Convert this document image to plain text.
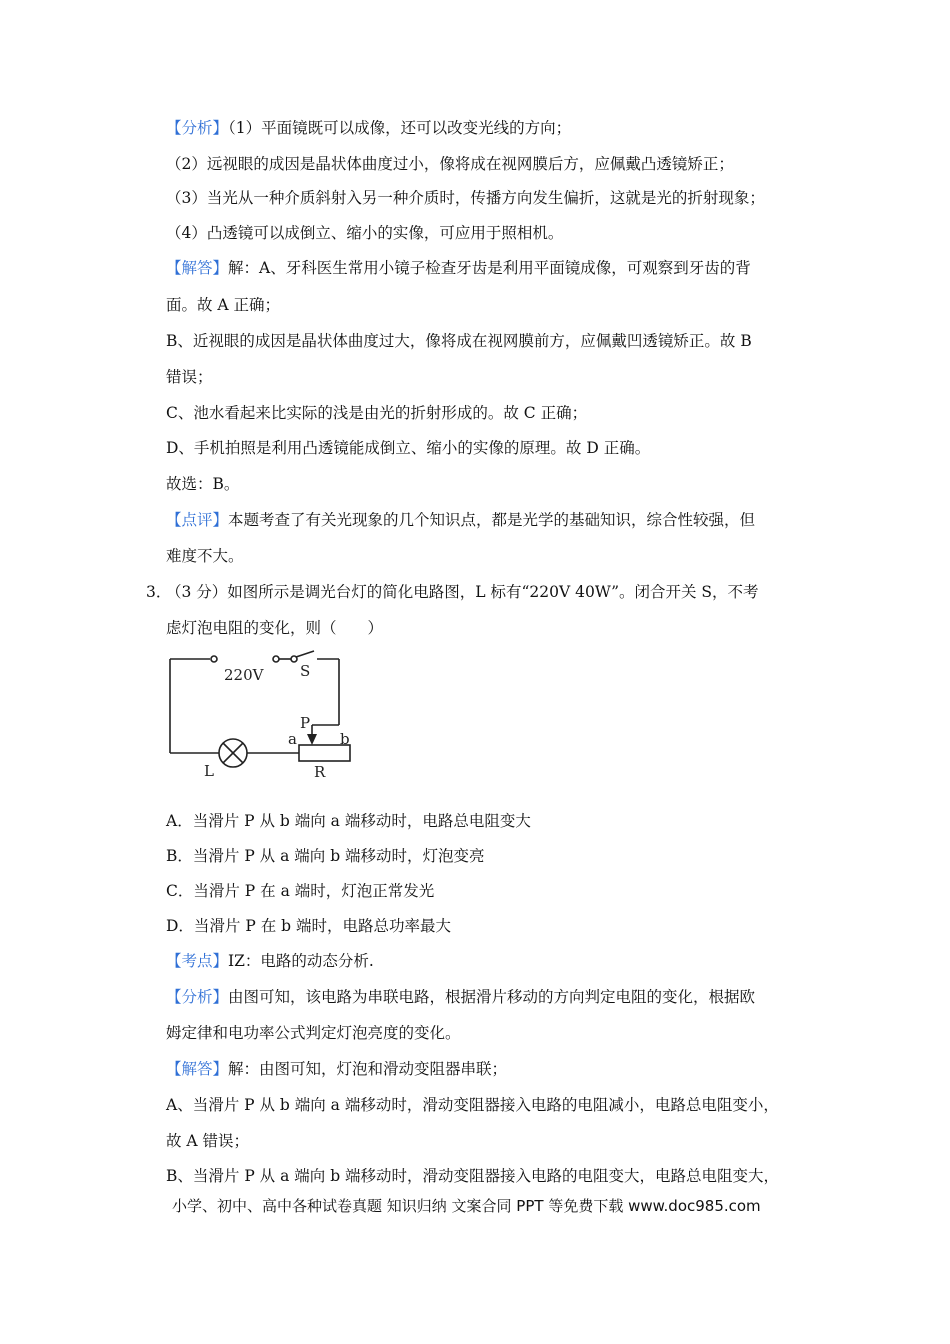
【分析】（1）平面镜既可以成像，还可以改变光线的方向；
（2）远视眼的成因是晶状体曲度过小，像将成在视网膜后方，应佩戴凸透镜矫正；
（3）当光从一种介质斜射入另一种介质时，传播方向发生偏折，这就是光的折射现象；
（4）凸透镜可以成倒立、缩小的实像，可应用于照相机。
【解答】解：A、牙科医生常用小镜子检查牙齿是利用平面镜成像，可观察到牙齿的背
面。故 A 正确；
B、近视眼的成因是晶状体曲度过大，像将成在视网膜前方，应佩戴凹透镜矫正。故 B
错误；
C、池水看起来比实际的浅是由光的折射形成的。故 C 正确；
D、手机拍照是利用凸透镜能成倒立、缩小的实像的原理。故 D 正确。
故选：B。
【点评】本题考查了有关光现象的几个知识点，都是光学的基础知识，综合性较强，但
难度不大。
3．
（3 分）如图所示是调光台灯的简化电路图，L 标有“220V 40W”。闭合开关 S，不考
虑灯泡电阻的变化，则（　　）
220V S
P
a	b
L	R
A．当滑片 P 从 b 端向 a 端移动时，电路总电阻变大
B．当滑片 P 从 a 端向 b 端移动时，灯泡变亮
C．当滑片 P 在 a 端时，灯泡正常发光
D．当滑片 P 在 b 端时，电路总功率最大
【考点】IZ：电路的动态分析.
【分析】由图可知，该电路为串联电路，根据滑片移动的方向判定电阻的变化，根据欧
姆定律和电功率公式判定灯泡亮度的变化。
【解答】解：由图可知，灯泡和滑动变阻器串联；
A、当滑片 P 从 b 端向 a 端移动时，滑动变阻器接入电路的电阻减小，电路总电阻变小，
故 A 错误；
B、当滑片 P 从 a 端向 b 端移动时，滑动变阻器接入电路的电阻变大，电路总电阻变大，
小学、初中、高中各种试卷真题 知识归纳 文案合同 PPT 等免费下载 www.doc985.com
